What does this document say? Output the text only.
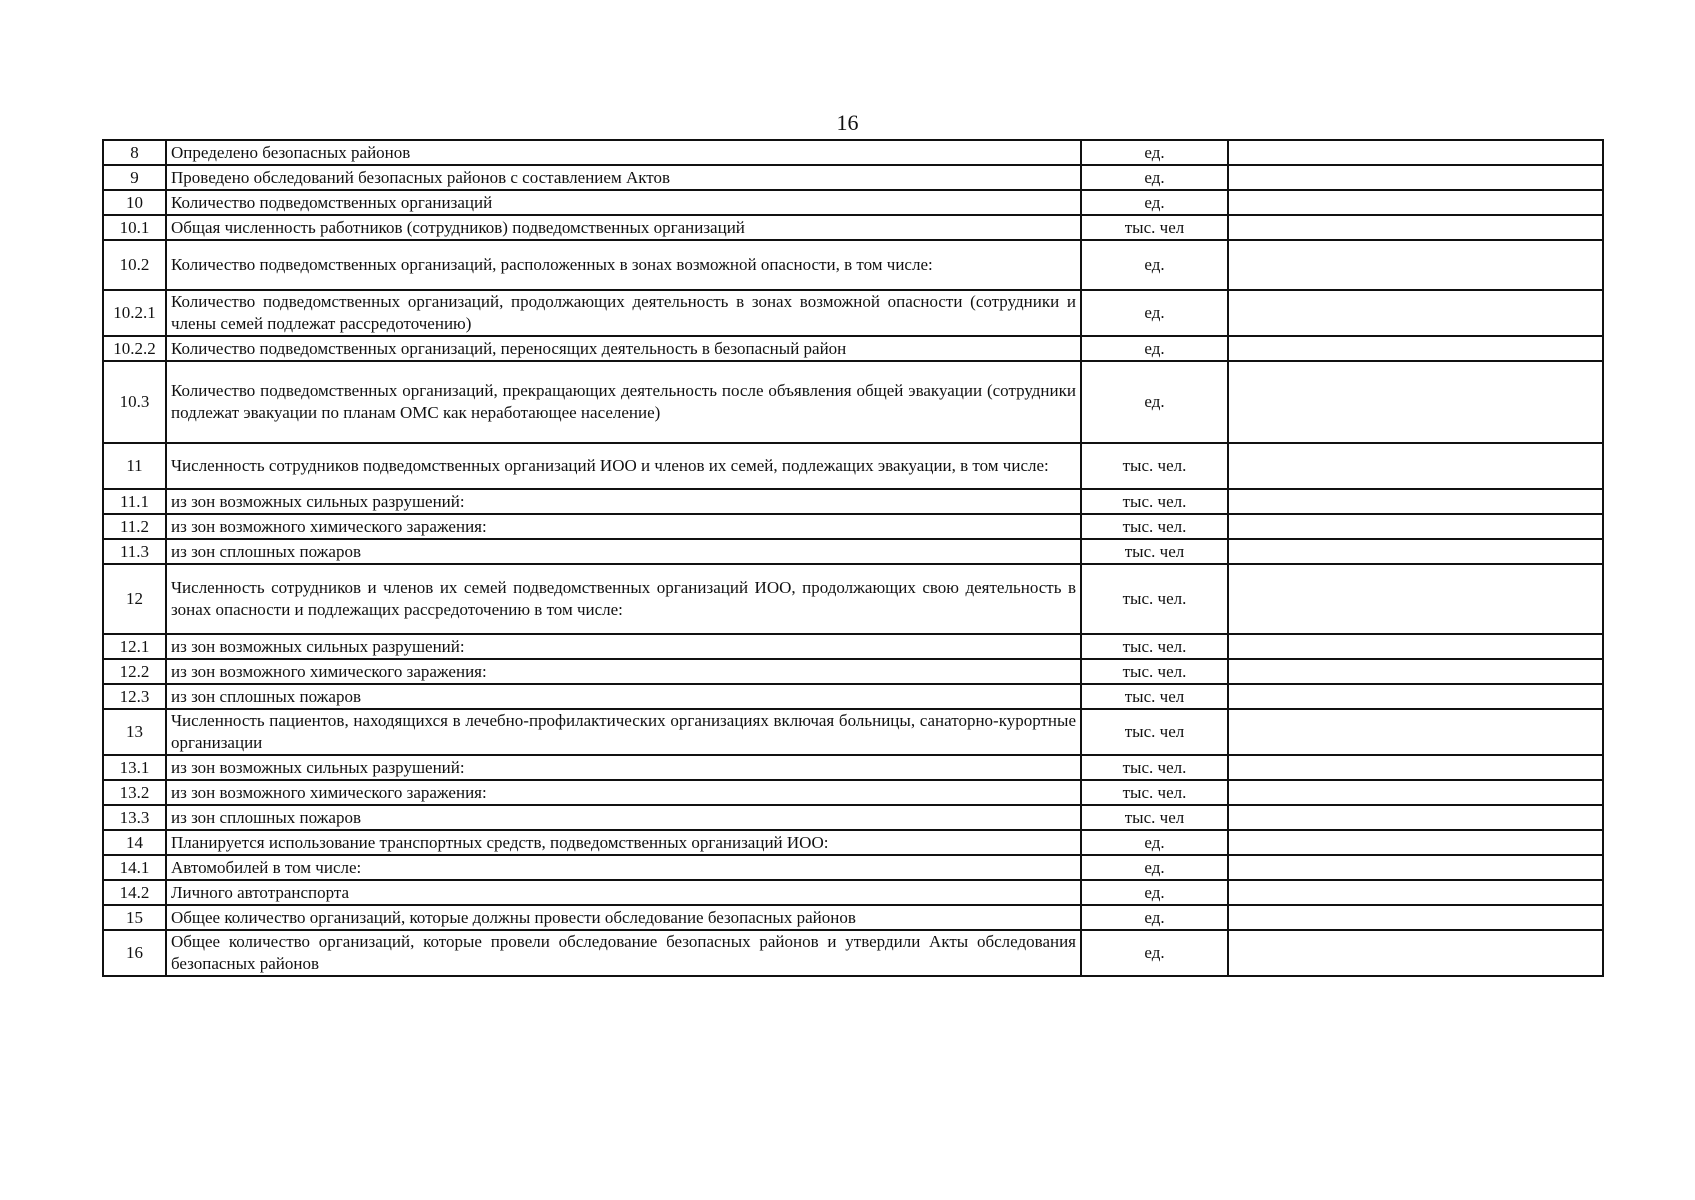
16
8	Определено безопасных районов	ед.	
9	Проведено обследований безопасных районов с составлением Актов	ед.	
10	Количество подведомственных организаций	ед.	
10.1	Общая численность работников (сотрудников) подведомственных организаций	тыс. чел	
10.2	Количество подведомственных организаций, расположенных в зонах возможной опасности, в том числе:	ед.	
10.2.1	Количество подведомственных организаций, продолжающих деятельность в зонах возможной опасности (сотрудники и члены семей подлежат рассредоточению)	ед.	
10.2.2	Количество подведомственных организаций, переносящих деятельность в безопасный район	ед.	
10.3	Количество подведомственных организаций, прекращающих деятельность после объявления общей эвакуации (сотрудники подлежат эвакуации по планам ОМС как неработающее население)	ед.	
11	Численность сотрудников подведомственных организаций ИОО и членов их семей, подлежащих эвакуации, в том числе:	тыс. чел.	
11.1	из зон возможных сильных разрушений:	тыс. чел.	
11.2	из зон возможного химического заражения:	тыс. чел.	
11.3	из зон сплошных пожаров	тыс. чел	
12	Численность сотрудников и членов их семей подведомственных организаций ИОО, продолжающих свою деятельность в зонах опасности и подлежащих рассредоточению в том числе:	тыс. чел.	
12.1	из зон возможных сильных разрушений:	тыс. чел.	
12.2	из зон возможного химического заражения:	тыс. чел.	
12.3	из зон сплошных пожаров	тыс. чел	
13	Численность пациентов, находящихся в лечебно-профилактических организациях включая больницы, санаторно-курортные организации	тыс. чел	
13.1	из зон возможных сильных разрушений:	тыс. чел.	
13.2	из зон возможного химического заражения:	тыс. чел.	
13.3	из зон сплошных пожаров	тыс. чел	
14	Планируется использование транспортных средств, подведомственных организаций ИОО:	ед.	
14.1	Автомобилей в том числе:	ед.	
14.2	Личного автотранспорта	ед.	
15	Общее количество организаций, которые должны провести обследование безопасных районов	ед.	
16	Общее количество организаций, которые провели обследование безопасных районов и утвердили Акты обследования безопасных районов	ед.	
